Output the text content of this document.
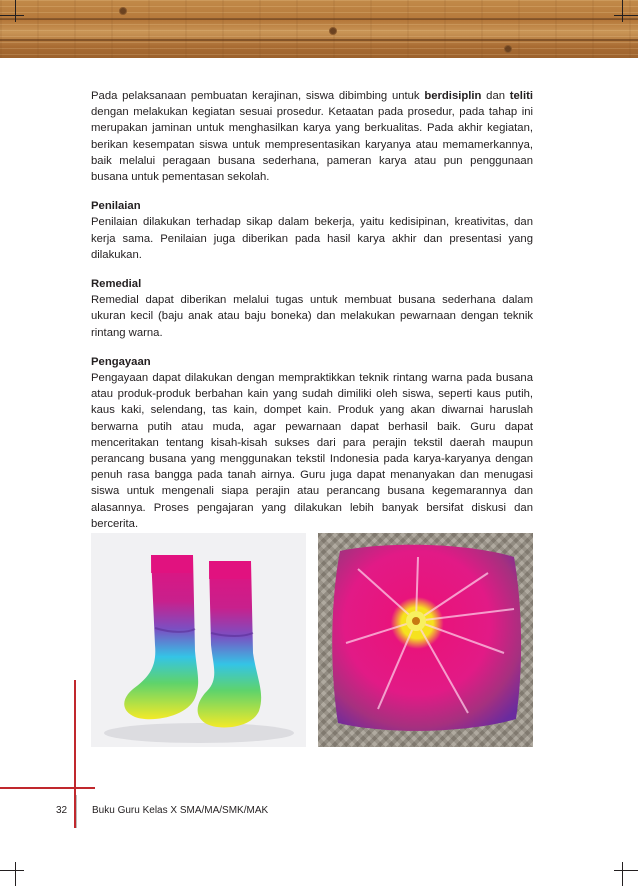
Pada pelaksanaan pembuatan kerajinan, siswa dibimbing untuk berdisiplin dan teliti dengan melakukan kegiatan sesuai prosedur. Ketaatan pada prosedur, pada tahap ini merupakan jaminan untuk menghasilkan karya yang berkualitas. Pada akhir kegiatan, berikan kesempatan siswa untuk mempresentasikan karyanya atau memamerkannya, baik melalui peragaan busana sederhana, pameran karya atau pun penggunaan busana untuk pementasan sekolah.

Penilaian

Penilaian dilakukan terhadap sikap dalam bekerja, yaitu kedisipinan, kreativitas, dan kerja sama. Penilaian juga diberikan pada hasil karya akhir dan presentasi yang dilakukan.

Remedial

Remedial dapat diberikan melalui tugas untuk membuat busana sederhana dalam ukuran kecil (baju anak atau baju boneka) dan melakukan pewarnaan dengan teknik rintang warna.

Pengayaan

Pengayaan dapat dilakukan dengan mempraktikkan teknik rintang warna pada busana atau produk-produk berbahan kain yang sudah dimiliki oleh siswa, seperti kaus putih, kaus kaki, selendang, tas kain, dompet kain. Produk yang akan diwarnai haruslah berwarna putih atau muda, agar pewarnaan dapat berhasil baik. Guru dapat menceritakan tentang kisah-kisah sukses dari para perajin tekstil daerah maupun perancang busana yang menggunakan tekstil Indonesia pada karya-karyanya dengan penuh rasa bangga pada tanah airnya. Guru juga dapat menanyakan dan menugasi siswa untuk mengenali siapa perajin atau perancang busana kegemarannya dan alasannya. Proses pengajaran yang dilakukan lebih banyak bersifat diskusi dan bercerita.

32 Buku Guru Kelas X SMA/MA/SMK/MAK
